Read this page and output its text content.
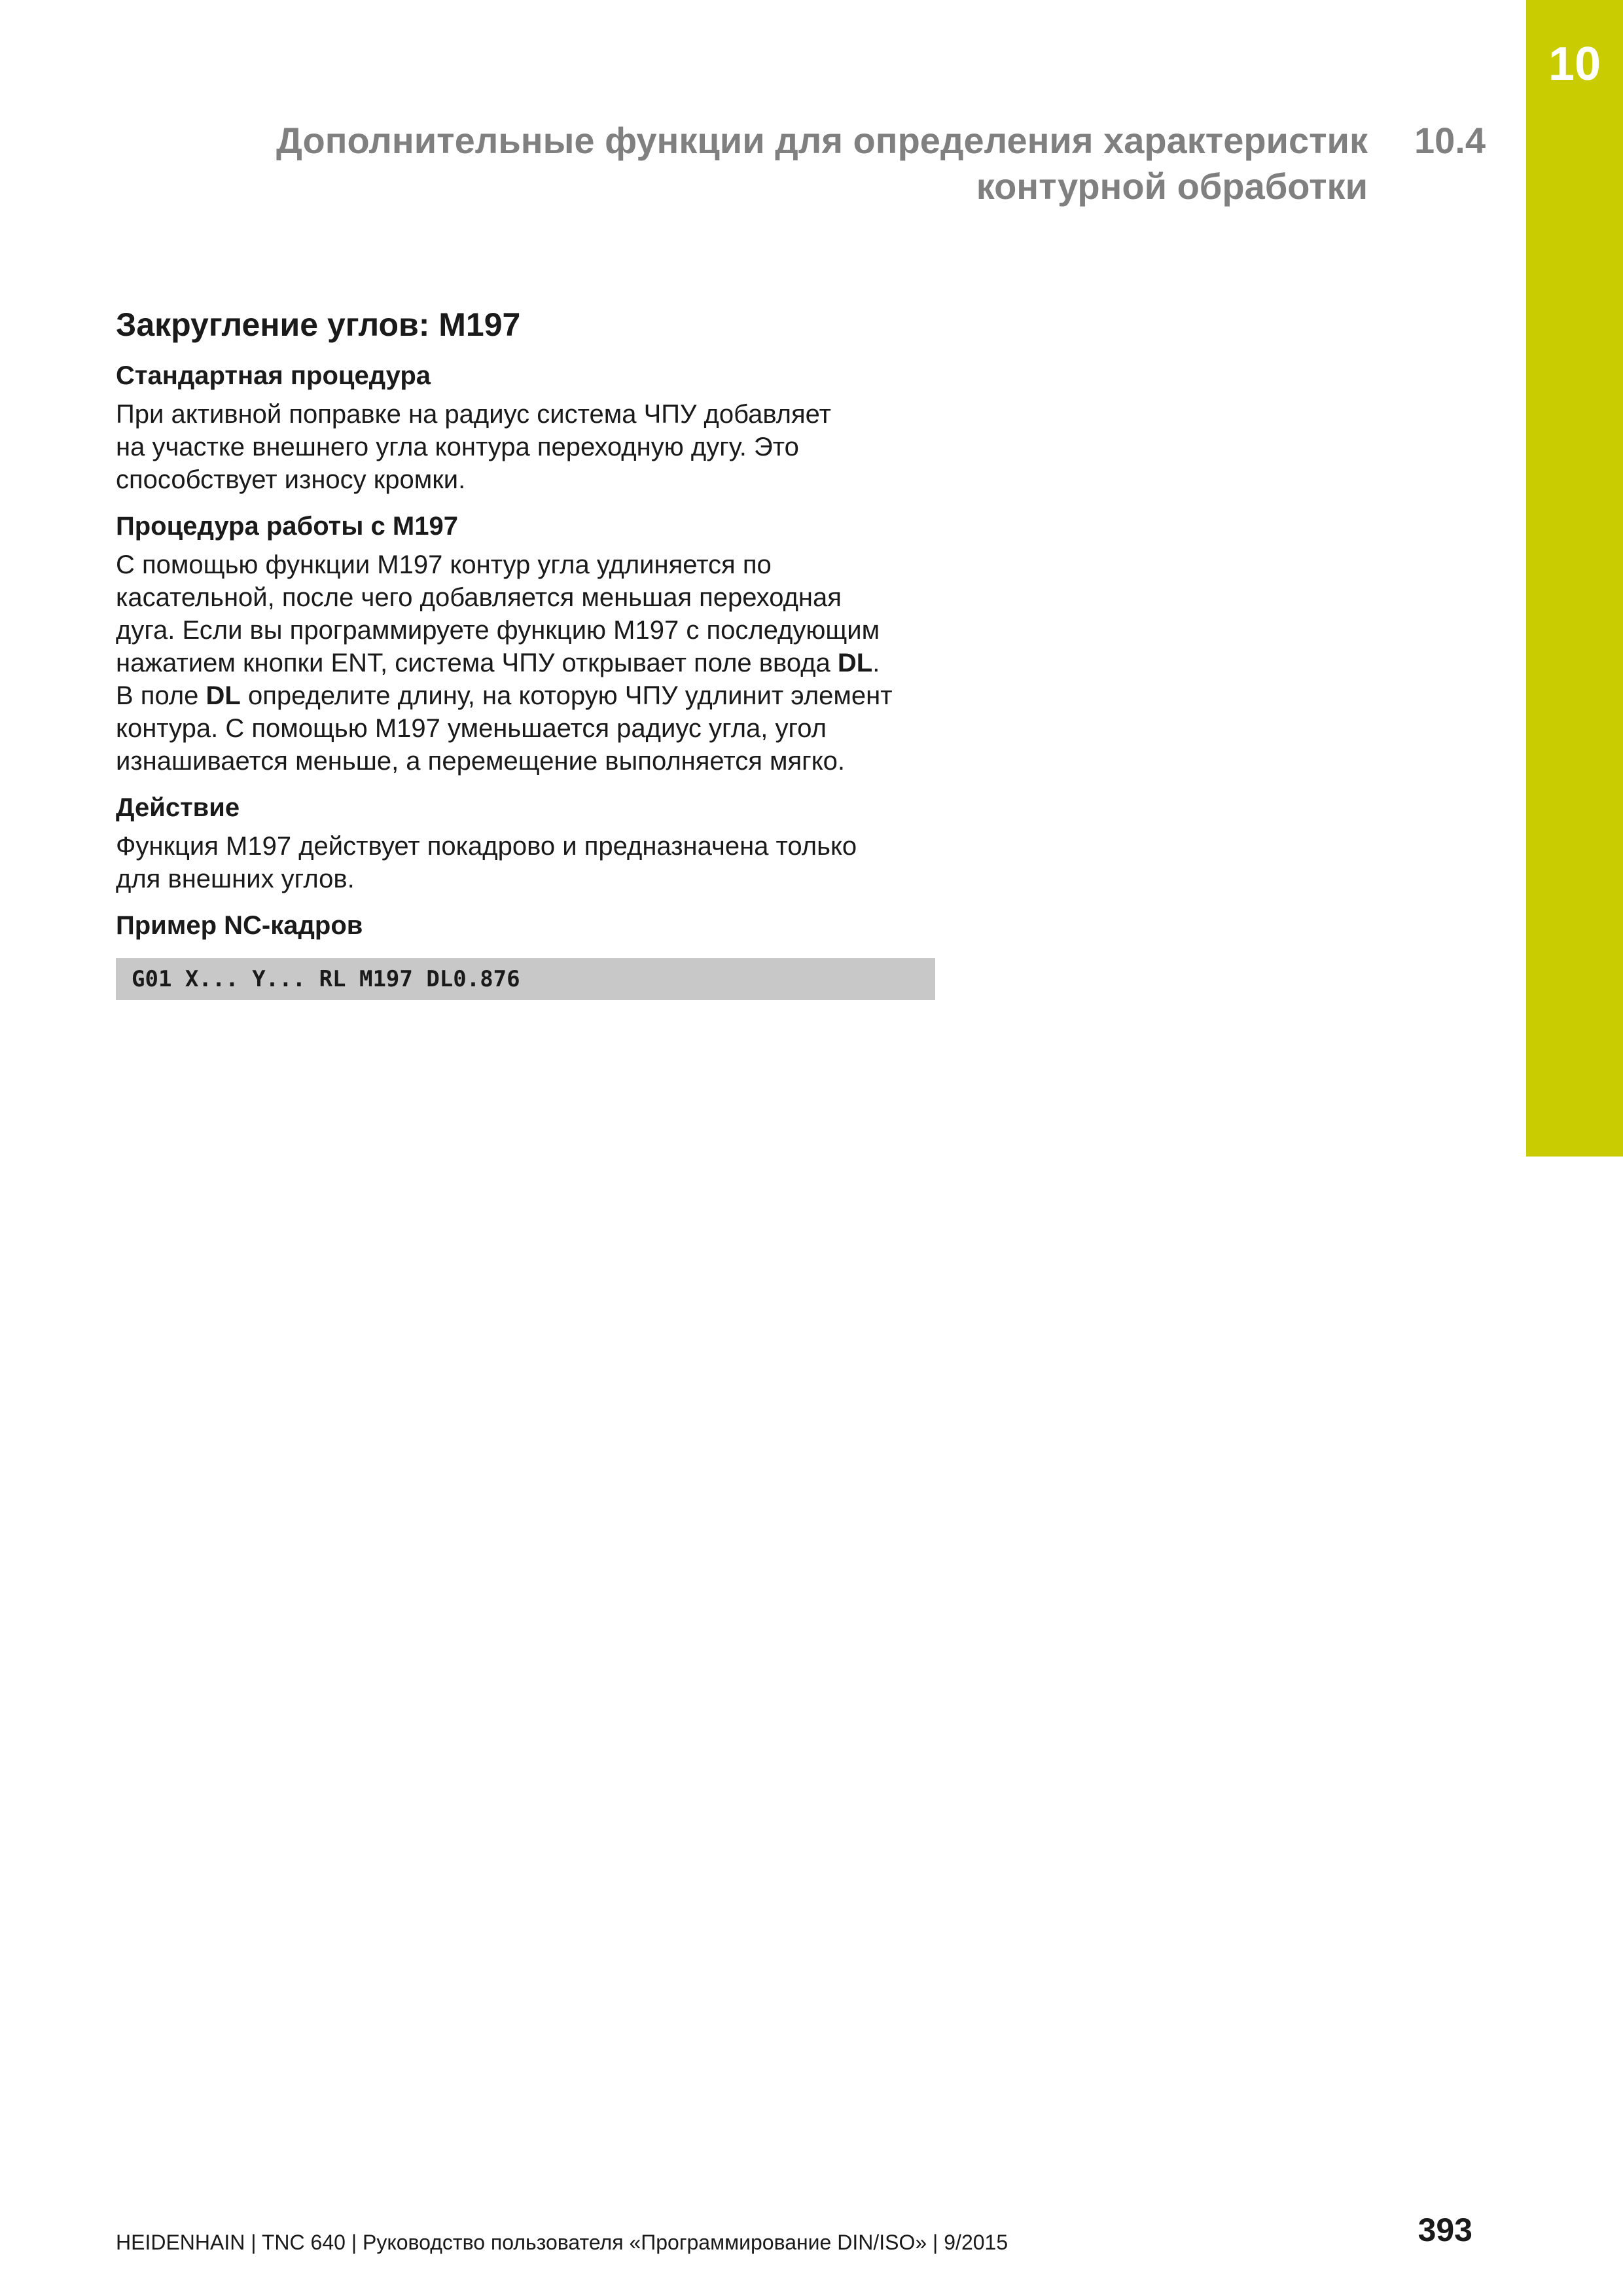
10
Дополнительные функции для определения характеристик
контурной обработки
10.4
Закругление углов: M197
Стандартная процедура

При активной поправке на радиус система ЧПУ добавляет

на участке внешнего угла контура переходную дугу. Это

способствует износу кромки.

Процедура работы с M197

С помощью функции M197 контур угла удлиняется по

касательной, после чего добавляется меньшая переходная

дуга. Если вы программируете функцию M197 с последующим

нажатием кнопки ENT, система ЧПУ открывает поле ввода DL.

В поле DL определите длину, на которую ЧПУ удлинит элемент

контура. С помощью M197 уменьшается радиус угла, угол

изнашивается меньше, а перемещение выполняется мягко.

Действие

Функция M197 действует покадрово и предназначена только

для внешних углов.

Пример NC-кадров
G01 X... Y... RL M197 DL0.876
HEIDENHAIN | TNC 640 | Руководство пользователя «Программирование DIN/ISO» | 9/2015	393
